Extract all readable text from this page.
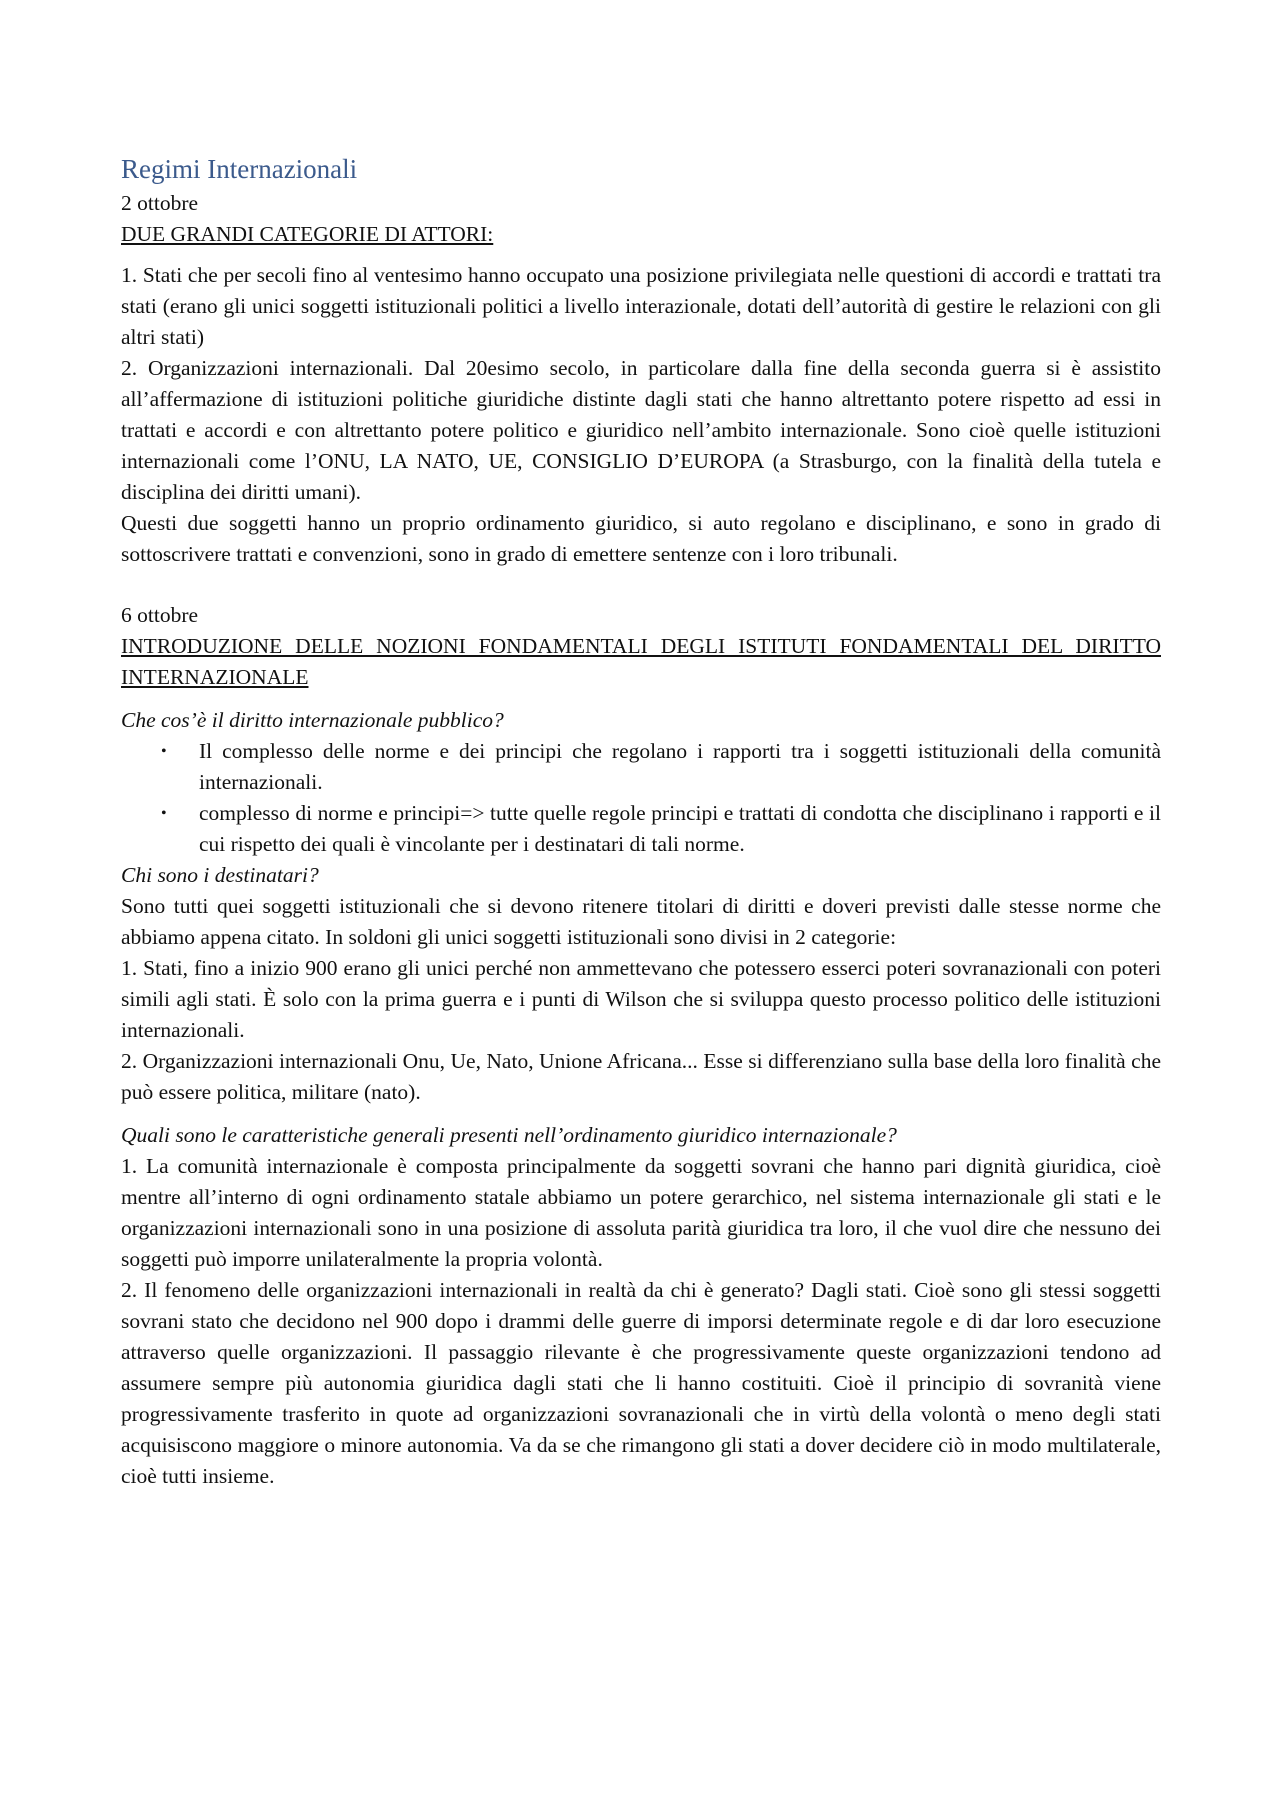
Regimi Internazionali

2 ottobre

DUE GRANDI CATEGORIE DI ATTORI:

1. Stati che per secoli fino al ventesimo hanno occupato una posizione privilegiata nelle questioni di accordi e trattati tra stati (erano gli unici soggetti istituzionali politici a livello interazionale, dotati dell’autorità di gestire le relazioni con gli altri stati)

2. Organizzazioni internazionali. Dal 20esimo secolo, in particolare dalla fine della seconda guerra si è assistito all’affermazione di istituzioni politiche giuridiche distinte dagli stati che hanno altrettanto potere rispetto ad essi in trattati e accordi e con altrettanto potere politico e giuridico nell’ambito internazionale. Sono cioè quelle istituzioni internazionali come l’ONU, LA NATO, UE, CONSIGLIO D’EUROPA (a Strasburgo, con la finalità della tutela e disciplina dei diritti umani).

Questi due soggetti hanno un proprio ordinamento giuridico, si auto regolano e disciplinano, e sono in grado di sottoscrivere trattati e convenzioni, sono in grado di emettere sentenze con i loro tribunali.

6 ottobre

INTRODUZIONE DELLE NOZIONI FONDAMENTALI DEGLI ISTITUTI FONDAMENTALI DEL DIRITTO INTERNAZIONALE

Che cos’è il diritto internazionale pubblico?

• Il complesso delle norme e dei principi che regolano i rapporti tra i soggetti istituzionali della comunità internazionali.
• complesso di norme e principi=> tutte quelle regole principi e trattati di condotta che disciplinano i rapporti e il cui rispetto dei quali è vincolante per i destinatari di tali norme.

Chi sono i destinatari?

Sono tutti quei soggetti istituzionali che si devono ritenere titolari di diritti e doveri previsti dalle stesse norme che abbiamo appena citato. In soldoni gli unici soggetti istituzionali sono divisi in 2 categorie:

1. Stati, fino a inizio 900 erano gli unici perché non ammettevano che potessero esserci poteri sovranazionali con poteri simili agli stati. È solo con la prima guerra e i punti di Wilson che si sviluppa questo processo politico delle istituzioni internazionali.

2. Organizzazioni internazionali Onu, Ue, Nato, Unione Africana... Esse si differenziano sulla base della loro finalità che può essere politica, militare (nato).

Quali sono le caratteristiche generali presenti nell’ordinamento giuridico internazionale?

1. La comunità internazionale è composta principalmente da soggetti sovrani che hanno pari dignità giuridica, cioè mentre all’interno di ogni ordinamento statale abbiamo un potere gerarchico, nel sistema internazionale gli stati e le organizzazioni internazionali sono in una posizione di assoluta parità giuridica tra loro, il che vuol dire che nessuno dei soggetti può imporre unilateralmente la propria volontà.

2. Il fenomeno delle organizzazioni internazionali in realtà da chi è generato? Dagli stati. Cioè sono gli stessi soggetti sovrani stato che decidono nel 900 dopo i drammi delle guerre di imporsi determinate regole e di dar loro esecuzione attraverso quelle organizzazioni. Il passaggio rilevante è che progressivamente queste organizzazioni tendono ad assumere sempre più autonomia giuridica dagli stati che li hanno costituiti. Cioè il principio di sovranità viene progressivamente trasferito in quote ad organizzazioni sovranazionali che in virtù della volontà o meno degli stati acquisiscono maggiore o minore autonomia. Va da se che rimangono gli stati a dover decidere ciò in modo multilaterale, cioè tutti insieme.
